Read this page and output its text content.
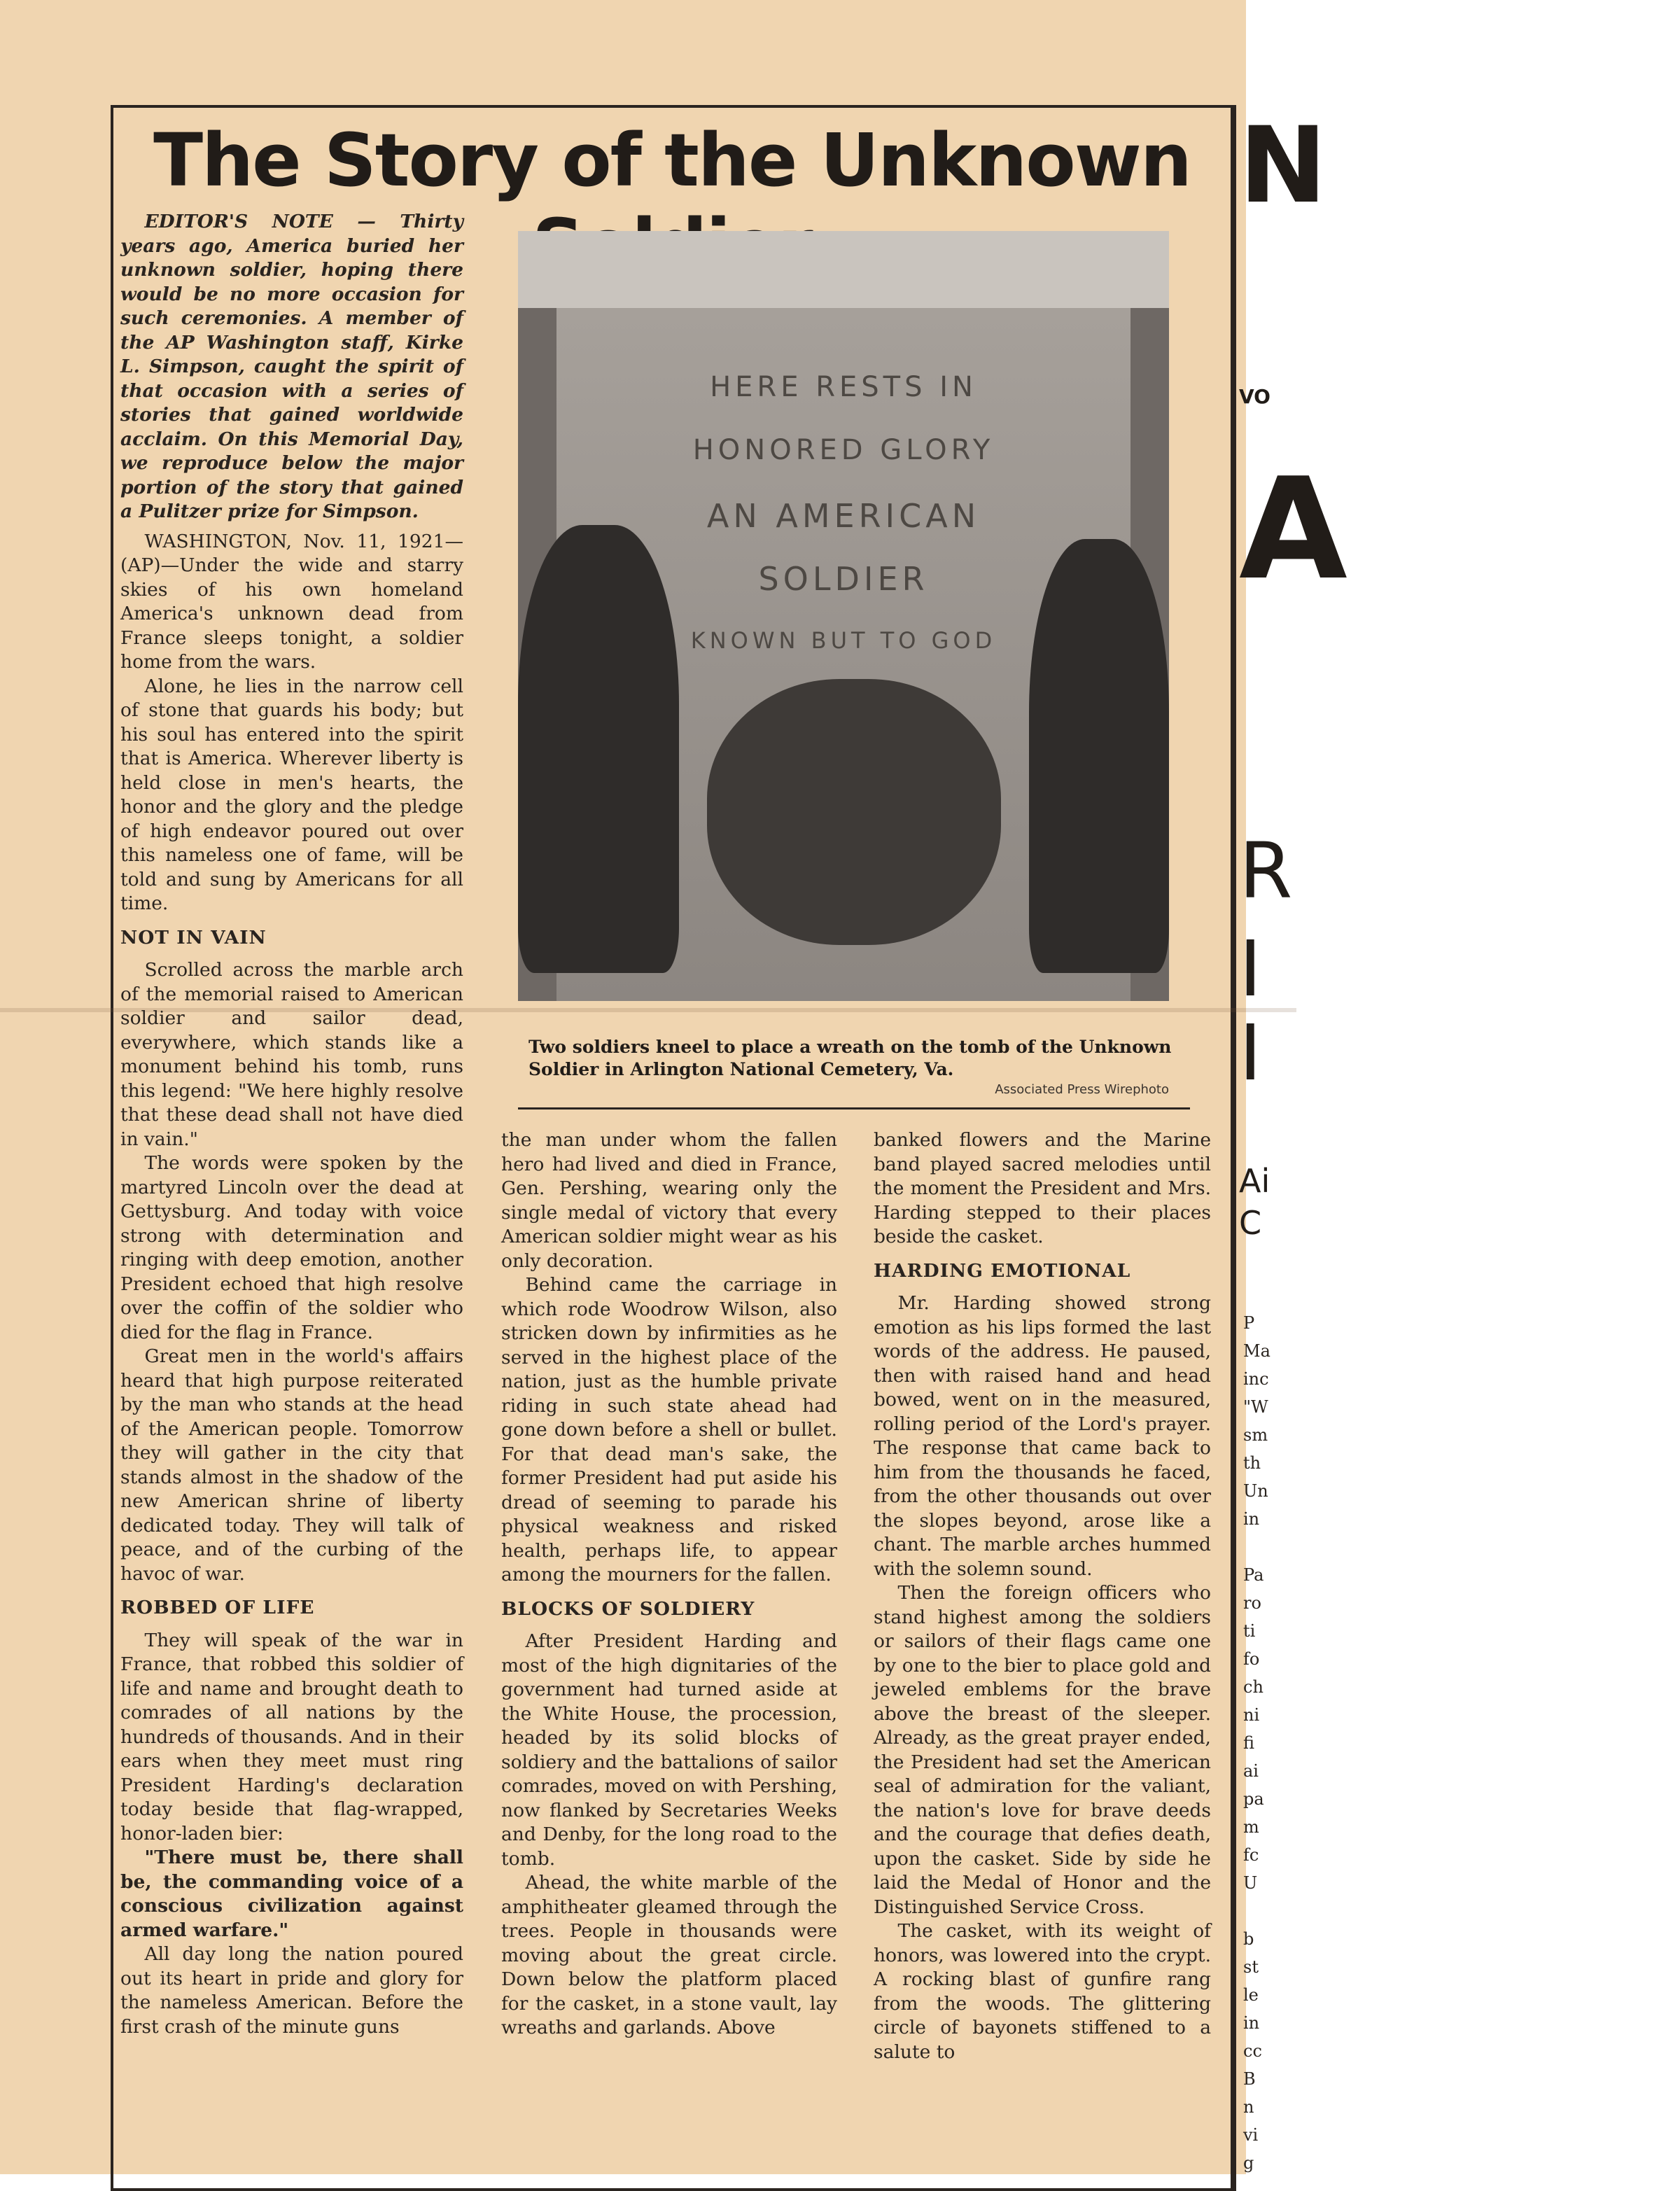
The Story of the Unknown

EDITOR'S NOTE — Thirty years ago, America buried her unknown soldier, hoping there would be no more occasion for such ceremonies. A member of the AP Washington staff, Kirke L. Simpson, caught the spirit of that occasion with a series of stories that gained worldwide acclaim. On this Memorial Day, we reproduce below the major portion of the story that gained a Pulitzer prize for Simpson.

WASHINGTON, Nov. 11, 1921—(AP)—Under the wide and starry skies of his own homeland America's unknown dead from France sleeps tonight, a soldier home from the wars.

Alone, he lies in the narrow cell of stone that guards his body; but his soul has entered into the spirit that is America. Wherever liberty is held close in men's hearts, the honor and the glory and the pledge of high endeavor poured out over this nameless one of fame, will be told and sung by Americans for all time.

NOT IN VAIN

Scrolled across the marble arch of the memorial raised to American soldier and sailor dead, everywhere, which stands like a monument behind his tomb, runs this legend: "We here highly resolve that these dead shall not have died in vain."

The words were spoken by the martyred Lincoln over the dead at Gettysburg. And today with voice strong with determination and ringing with deep emotion, another President echoed that high resolve over the coffin of the soldier who died for the flag in France.

Great men in the world's affairs heard that high purpose reiterated by the man who stands at the head of the American people. Tomorrow they will gather in the city that stands almost in the shadow of the new American shrine of liberty dedicated today. They will talk of peace, and of the curbing of the havoc of war.

ROBBED OF LIFE

They will speak of the war in France, that robbed this soldier of life and name and brought death to comrades of all nations by the hundreds of thousands. And in their ears when they meet must ring President Harding's declaration today beside that flag-wrapped, honor-laden bier:

"There must be, there shall be, the commanding voice of a conscious civilization against armed warfare."

All day long the nation poured out its heart in pride and glory for the nameless American. Before the first crash of the minute guns

HERE RESTS IN
HONORED GLORY
AN AMERICAN
SOLDIER
KNOWN BUT TO GOD
Two soldiers kneel to place a wreath on the tomb of the Unknown Soldier in Arlington National Cemetery, Va.
Associated Press Wirephoto

the man under whom the fallen hero had lived and died in France, Gen. Pershing, wearing only the single medal of victory that every American soldier might wear as his only decoration.

Behind came the carriage in which rode Woodrow Wilson, also stricken down by infirmities as he served in the highest place of the nation, just as the humble private riding in such state ahead had gone down before a shell or bullet. For that dead man's sake, the former President had put aside his dread of seeming to parade his physical weakness and risked health, perhaps life, to appear among the mourners for the fallen.

BLOCKS OF SOLDIERY

After President Harding and most of the high dignitaries of the government had turned aside at the White House, the procession, headed by its solid blocks of soldiery and the battalions of sailor comrades, moved on with Pershing, now flanked by Secretaries Weeks and Denby, for the long road to the tomb.

Ahead, the white marble of the amphitheater gleamed through the trees. People in thousands were moving about the great circle. Down below the platform placed for the casket, in a stone vault, lay wreaths and garlands. Above

banked flowers and the Marine band played sacred melodies until the moment the President and Mrs. Harding stepped to their places beside the casket.

HARDING EMOTIONAL

Mr. Harding showed strong emotion as his lips formed the last words of the address. He paused, then with raised hand and head bowed, went on in the measured, rolling period of the Lord's prayer. The response that came back to him from the thousands he faced, from the other thousands out over the slopes beyond, arose like a chant. The marble arches hummed with the solemn sound.

Then the foreign officers who stand highest among the soldiers or sailors of their flags came one by one to the bier to place gold and jeweled emblems for the brave above the breast of the sleeper. Already, as the great prayer ended, the President had set the American seal of admiration for the valiant, the nation's love for brave deeds and the courage that defies death, upon the casket. Side by side he laid the Medal of Honor and the Distinguished Service Cross.

The casket, with its weight of honors, was lowered into the crypt. A rocking blast of gunfire rang from the woods. The glittering circle of bayonets stiffened to a salute to

N
VO
A
R
I
I
Ai
C
P
Ma
inc
"W
sm
th
Un
in
Pa
ro
ti
fo
ch
ni
fi
ai
pa
m
fc
U
b
st
le
in
cc
B
n
vi
g
